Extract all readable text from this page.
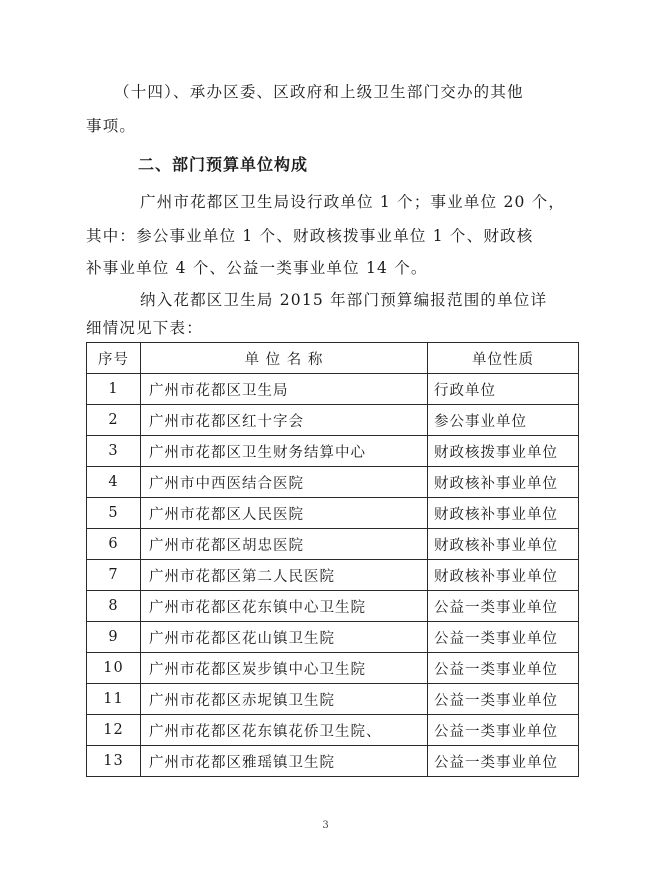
（十四）、承办区委、区政府和上级卫生部门交办的其他

事项。

二、部门预算单位构成

广州市花都区卫生局设行政单位 1 个；事业单位 20 个，

其中：参公事业单位 1 个、财政核拨事业单位 1 个、财政核

补事业单位 4 个、公益一类事业单位 14 个。

纳入花都区卫生局 2015 年部门预算编报范围的单位详

细情况见下表：

序号	单 位 名 称	单位性质
1	广州市花都区卫生局	行政单位
2	广州市花都区红十字会	参公事业单位
3	广州市花都区卫生财务结算中心	财政核拨事业单位
4	广州市中西医结合医院	财政核补事业单位
5	广州市花都区人民医院	财政核补事业单位
6	广州市花都区胡忠医院	财政核补事业单位
7	广州市花都区第二人民医院	财政核补事业单位
8	广州市花都区花东镇中心卫生院	公益一类事业单位
9	广州市花都区花山镇卫生院	公益一类事业单位
10	广州市花都区炭步镇中心卫生院	公益一类事业单位
11	广州市花都区赤坭镇卫生院	公益一类事业单位
12	广州市花都区花东镇花侨卫生院、	公益一类事业单位
13	广州市花都区雅瑶镇卫生院	公益一类事业单位
3
